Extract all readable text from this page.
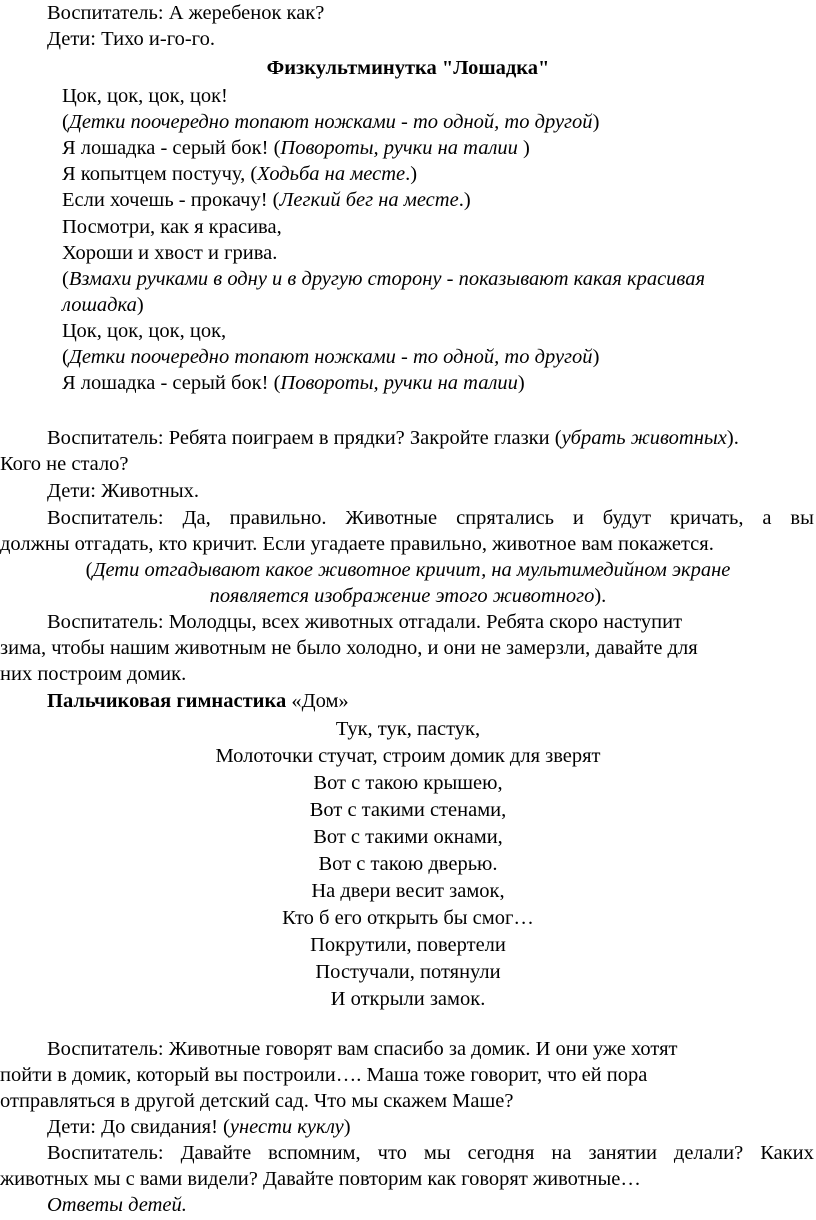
Воспитатель: А жеребенок как?
Дети: Тихо и-го-го.
Физкультминутка "Лошадка"
Цок, цок, цок, цок!
(Детки поочередно топают ножками - то одной, то другой)
Я лошадка - серый бок! (Повороты, ручки на талии )
Я копытцем постучу, (Ходьба на месте.)
Если хочешь - прокачу! (Легкий бег на месте.)
Посмотри, как я красива,
Хороши и хвост и грива.
(Взмахи ручками в одну и в другую сторону - показывают какая красивая
лошадка)
Цок, цок, цок, цок,
(Детки поочередно топают ножками - то одной, то другой)
Я лошадка - серый бок! (Повороты, ручки на талии)
Воспитатель: Ребята поиграем в прядки? Закройте глазки (убрать животных).
Кого не стало?
Дети: Животных.
Воспитатель: Да, правильно. Животные спрятались и будут кричать, а вы
должны отгадать, кто кричит. Если угадаете правильно, животное вам покажется.
(Дети отгадывают какое животное кричит, на мультимедийном экране
появляется изображение этого животного).
Воспитатель: Молодцы, всех животных отгадали. Ребята скоро наступит
зима, чтобы нашим животным не было холодно, и они не замерзли, давайте для
них построим домик.
Пальчиковая гимнастика «Дом»
Тук, тук, пастук,
Молоточки стучат, строим домик для зверят
Вот с такою крышею,
Вот с такими стенами,
Вот с такими окнами,
Вот с такою дверью.
На двери весит замок,
Кто б его открыть бы смог…
Покрутили, повертели
Постучали, потянули
И открыли замок.
Воспитатель: Животные говорят вам спасибо за домик. И они уже хотят
пойти в домик, который вы построили…. Маша тоже говорит, что ей пора
отправляться в другой детский сад. Что мы скажем Маше?
Дети: До свидания! (унести куклу)
Воспитатель: Давайте вспомним, что мы сегодня на занятии делали? Каких
животных мы с вами видели? Давайте повторим как говорят животные…
Ответы детей.
